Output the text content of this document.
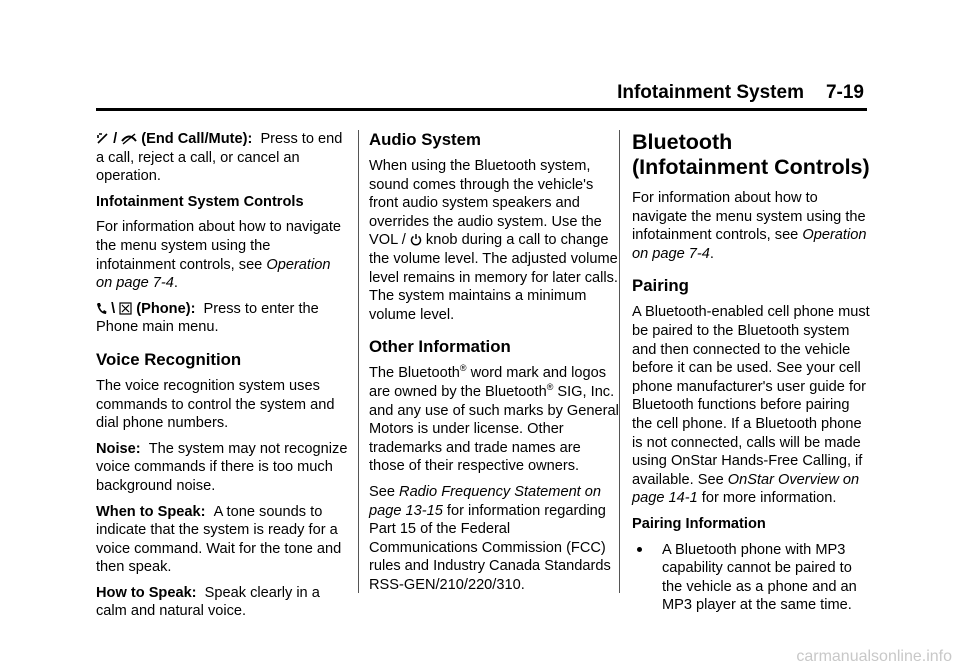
Infotainment System 7-19

/ (End Call/Mute): Press to end a call, reject a call, or cancel an operation.

Infotainment System Controls

For information about how to navigate the menu system using the infotainment controls, see Operation on page 7-4.

\ (Phone): Press to enter the Phone main menu.

Voice Recognition

The voice recognition system uses commands to control the system and dial phone numbers.

Noise: The system may not recognize voice commands if there is too much background noise.

When to Speak: A tone sounds to indicate that the system is ready for a voice command. Wait for the tone and then speak.

How to Speak: Speak clearly in a calm and natural voice.

Audio System

When using the Bluetooth system, sound comes through the vehicle's front audio system speakers and overrides the audio system. Use the VOL / knob during a call to change the volume level. The adjusted volume level remains in memory for later calls. The system maintains a minimum volume level.

Other Information

The Bluetooth® word mark and logos are owned by the Bluetooth® SIG, Inc. and any use of such marks by General Motors is under license. Other trademarks and trade names are those of their respective owners.

See Radio Frequency Statement on page 13-15 for information regarding Part 15 of the Federal Communications Commission (FCC) rules and Industry Canada Standards RSS-GEN/210/220/310.

Bluetooth (Infotainment Controls)

For information about how to navigate the menu system using the infotainment controls, see Operation on page 7-4.

Pairing

A Bluetooth-enabled cell phone must be paired to the Bluetooth system and then connected to the vehicle before it can be used. See your cell phone manufacturer's user guide for Bluetooth functions before pairing the cell phone. If a Bluetooth phone is not connected, calls will be made using OnStar Hands-Free Calling, if available. See OnStar Overview on page 14-1 for more information.

Pairing Information

A Bluetooth phone with MP3 capability cannot be paired to the vehicle as a phone and an MP3 player at the same time.
carmanualsonline.info
